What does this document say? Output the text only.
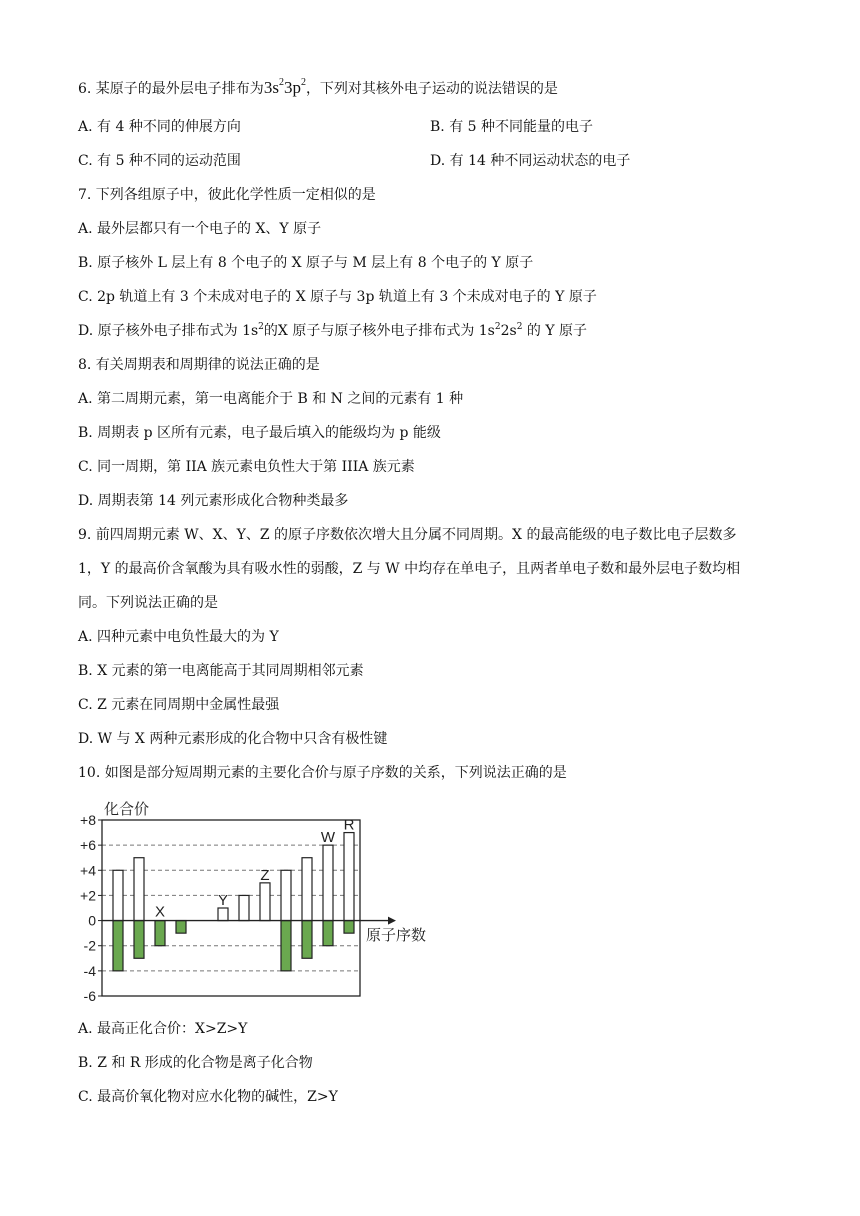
6. 某原子的最外层电子排布为$3s^23p^2$，下列对其核外电子运动的说法错误的是
A. 有 4 种不同的伸展方向	B. 有 5 种不同能量的电子
C. 有 5 种不同的运动范围	D. 有 14 种不同运动状态的电子
7. 下列各组原子中，彼此化学性质一定相似的是
A. 最外层都只有一个电子的 X、Y 原子
B. 原子核外 L 层上有 8 个电子的 X 原子与 M 层上有 8 个电子的 Y 原子
C. 2p 轨道上有 3 个未成对电子的 X 原子与 3p 轨道上有 3 个未成对电子的 Y 原子
D. 原子核外电子排布式为 $1s^2$的X 原子与原子核外电子排布式为 $1s^22s^2$ 的 Y 原子
8. 有关周期表和周期律的说法正确的是
A. 第二周期元素，第一电离能介于 B 和 N 之间的元素有 1 种
B. 周期表 p 区所有元素，电子最后填入的能级均为 p 能级
C. 同一周期，第 IIA 族元素电负性大于第 IIIA 族元素
D. 周期表第 14 列元素形成化合物种类最多
9. 前四周期元素 W、X、Y、Z 的原子序数依次增大且分属不同周期。X 的最高能级的电子数比电子层数多
1，Y 的最高价含氧酸为具有吸水性的弱酸，Z 与 W 中均存在单电子，且两者单电子数和最外层电子数均相
同。下列说法正确的是
A. 四种元素中电负性最大的为 Y
B. X 元素的第一电离能高于其同周期相邻元素
C. Z 元素在同周期中金属性最强
D. W 与 X 两种元素形成的化合物中只含有极性键
10. 如图是部分短周期元素的主要化合价与原子序数的关系，下列说法正确的是
化合价
原子序数
X
Y
Z
W
R
+8
+6
+4
+2
0
-2
-4
-6
A. 最高正化合价：X>Z>Y
B. Z 和 R 形成的化合物是离子化合物
C. 最高价氧化物对应水化物的碱性，Z>Y
